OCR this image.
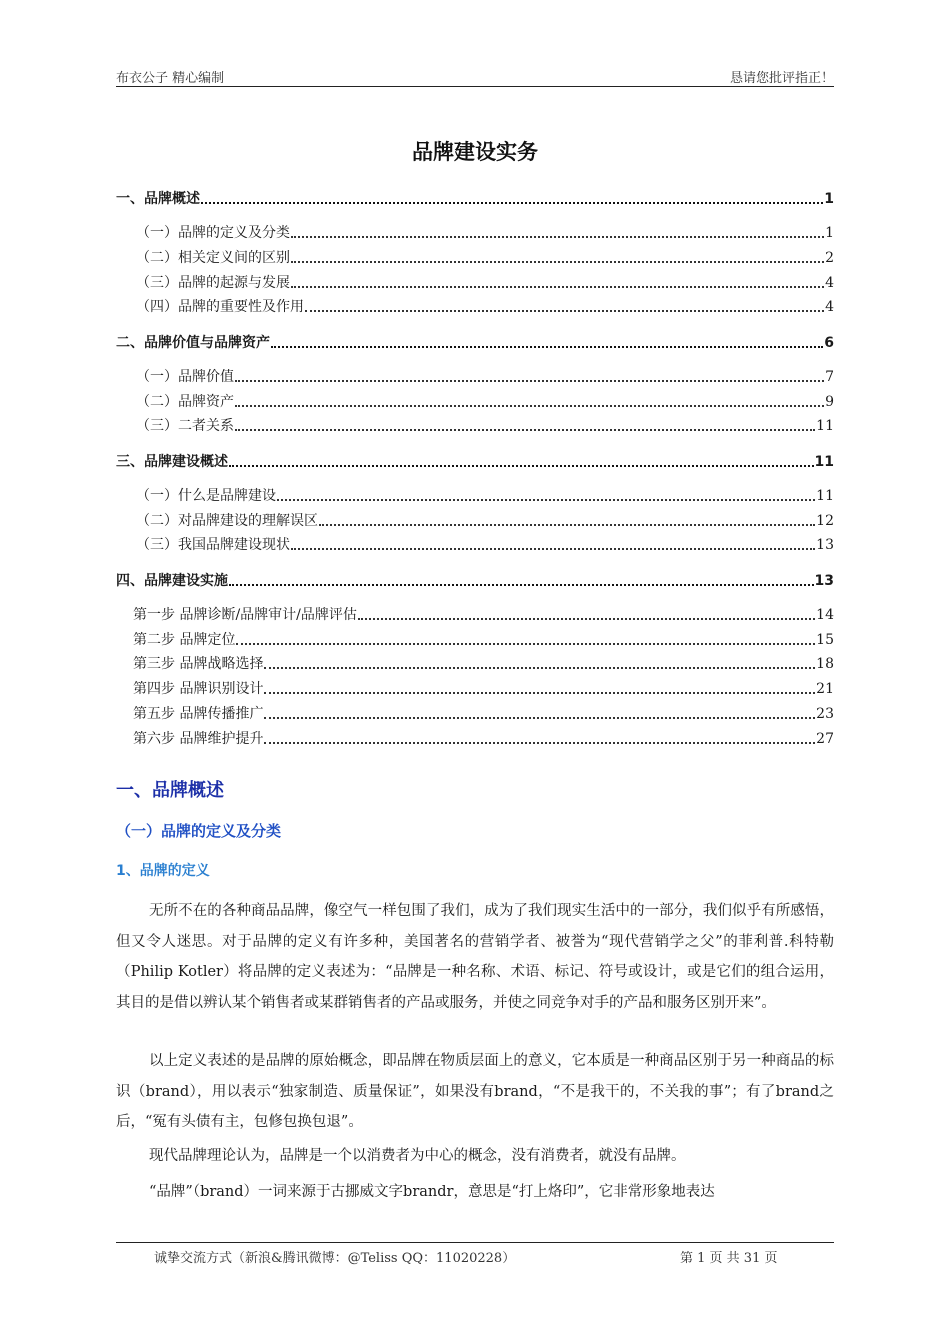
布衣公子 精心编制	恳请您批评指正！
品牌建设实务
一、品牌概述	1
（一）品牌的定义及分类	1
（二）相关定义间的区别	2
（三）品牌的起源与发展	4
（四）品牌的重要性及作用	4
二、品牌价值与品牌资产	6
（一）品牌价值	7
（二）品牌资产	9
（三）二者关系	11
三、品牌建设概述	11
（一）什么是品牌建设	11
（二）对品牌建设的理解误区	12
（三）我国品牌建设现状	13
四、品牌建设实施	13
第一步 品牌诊断/品牌审计/品牌评估	14
第二步 品牌定位	15
第三步 品牌战略选择	18
第四步 品牌识别设计	21
第五步 品牌传播推广	23
第六步 品牌维护提升	27
一、品牌概述
（一）品牌的定义及分类
1、品牌的定义

无所不在的各种商品品牌，像空气一样包围了我们，成为了我们现实生活中的一部分，我们似乎有所感悟，但又令人迷思。对于品牌的定义有许多种，美国著名的营销学者、被誉为“现代营销学之父”的菲利普.科特勒（Philip Kotler）将品牌的定义表述为：“品牌是一种名称、术语、标记、符号或设计，或是它们的组合运用，其目的是借以辨认某个销售者或某群销售者的产品或服务，并使之同竞争对手的产品和服务区别开来”。

以上定义表述的是品牌的原始概念，即品牌在物质层面上的意义，它本质是一种商品区别于另一种商品的标识（brand），用以表示“独家制造、质量保证”，如果没有brand，“不是我干的，不关我的事”；有了brand之后，“冤有头债有主，包修包换包退”。

现代品牌理论认为，品牌是一个以消费者为中心的概念，没有消费者，就没有品牌。

“品牌”（brand）一词来源于古挪威文字brandr，意思是“打上烙印”，它非常形象地表达

诚挚交流方式（新浪&腾讯微博：@Teliss QQ：11020228）	第 1 页 共 31 页
